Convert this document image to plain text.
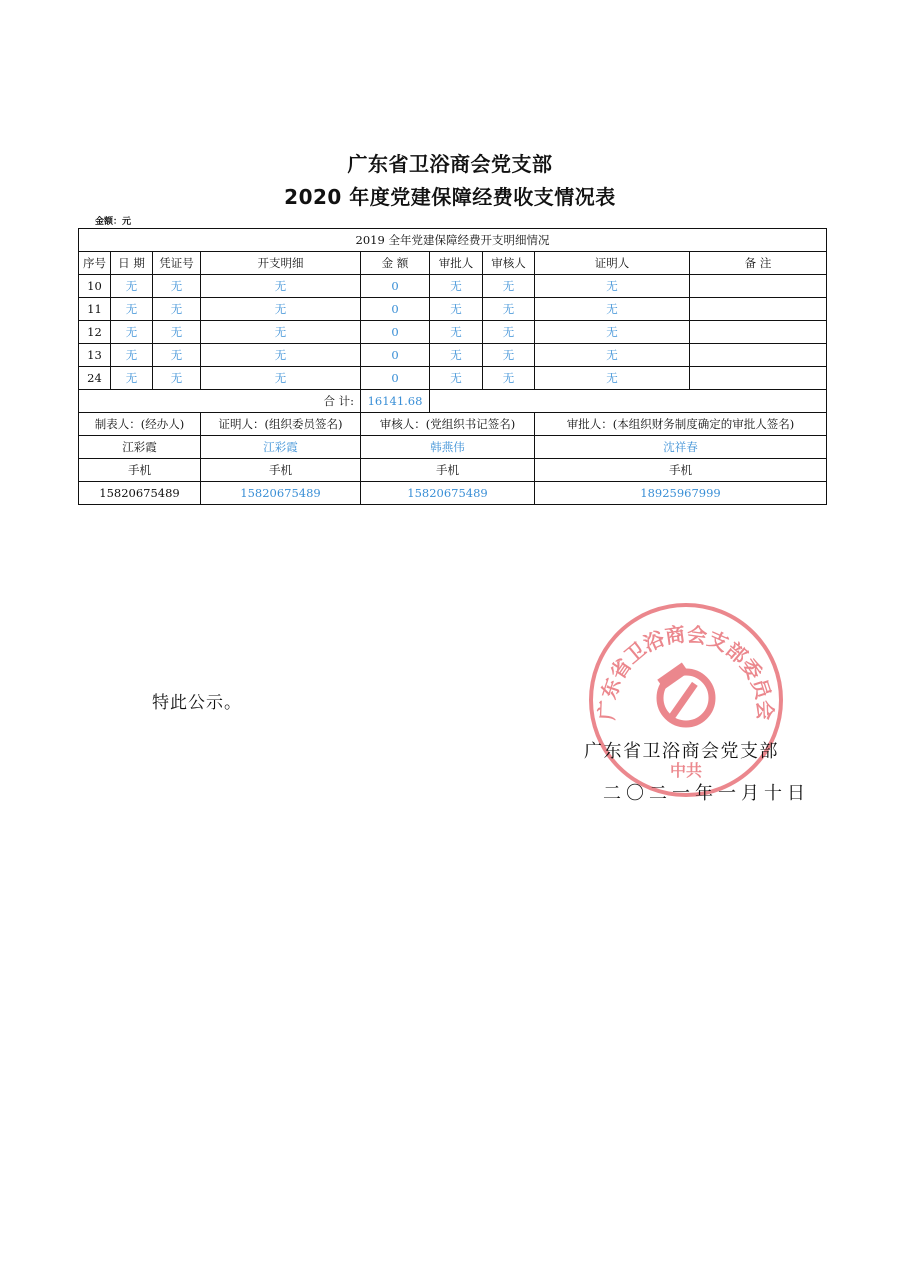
广东省卫浴商会党支部
2020 年度党建保障经费收支情况表
金额：元
2019 全年党建保障经费开支明细情况								
序号	日 期	凭证号	开支明细	金 额	审批人	审核人	证明人	备 注
10	无	无	无	0	无	无	无	
11	无	无	无	0	无	无	无	
12	无	无	无	0	无	无	无	
13	无	无	无	0	无	无	无	
24	无	无	无	0	无	无	无	
合 计:				16141.68				
制表人：(经办人)			证明人：(组织委员签名)	审核人：(党组织书记签名)			审批人：(本组织财务制度确定的审批人签名)	
江彩霞			江彩霞	韩燕伟			沈祥春	
手机			手机	手机			手机	
15820675489			15820675489	15820675489			18925967999	
特此公示。	广东省卫浴商会支部委员会
中共
广东省卫浴商会党支部
二〇二一年一月十日
